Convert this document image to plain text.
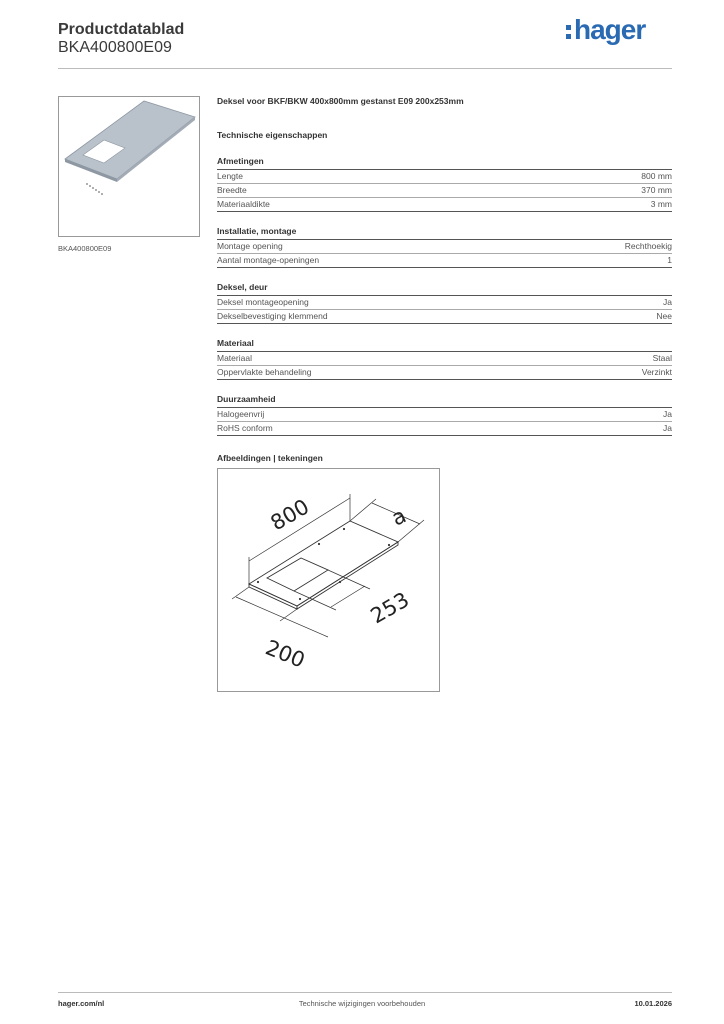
Productdatablad
BKA400800E09
hager
BKA400800E09
Deksel voor BKF/BKW 400x800mm gestanst E09 200x253mm
Technische eigenschappen
Afmetingen
Lengte	800 mm
Breedte	370 mm
Materiaaldikte	3 mm
Installatie, montage
Montage opening	Rechthoekig
Aantal montage-openingen	1
Deksel, deur
Deksel montageopening	Ja
Dekselbevestiging klemmend	Nee
Materiaal
Materiaal	Staal
Oppervlakte behandeling	Verzinkt
Duurzaamheid
Halogeenvrij	Ja
RoHS conform	Ja
Afbeeldingen | tekeningen
800	a
253
200
hager.com/nl	Technische wijzigingen voorbehouden	10.01.2026
